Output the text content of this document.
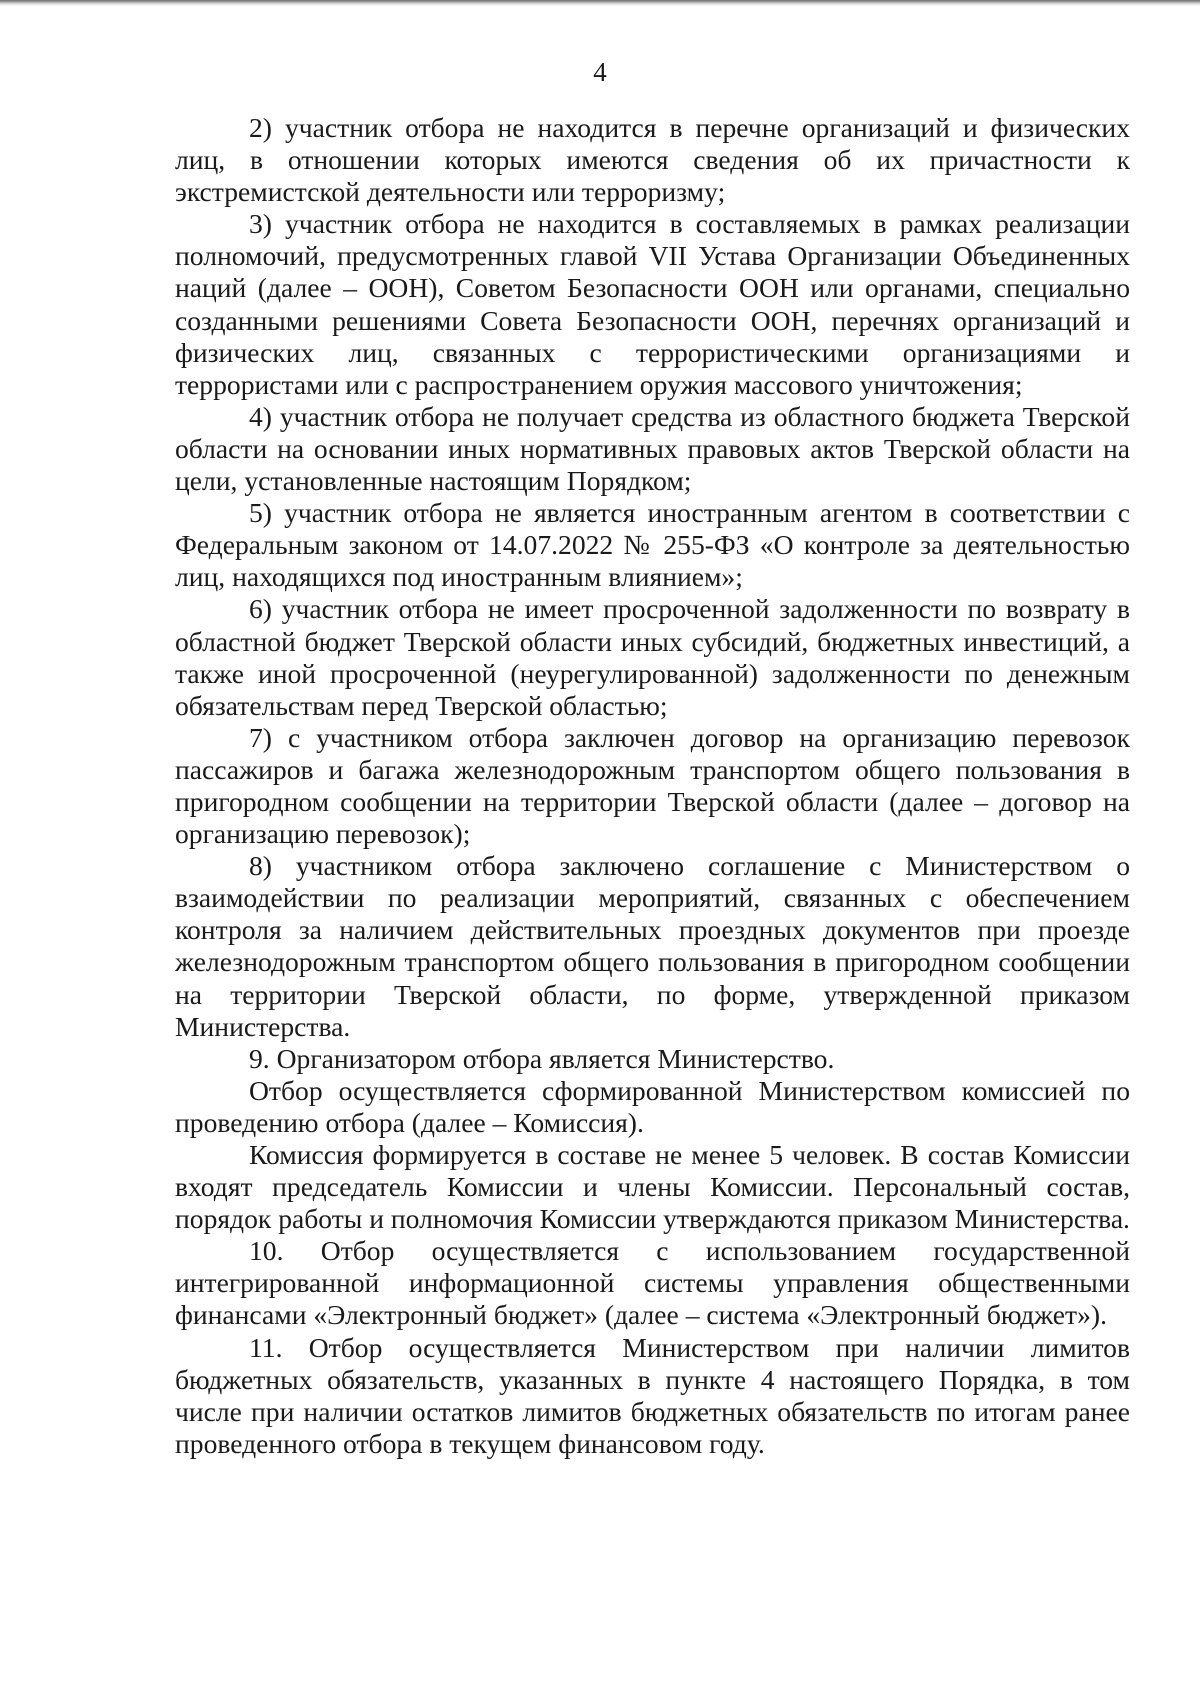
4

2) участник отбора не находится в перечне организаций и физических лиц, в отношении которых имеются сведения об их причастности к экстремистской деятельности или терроризму;

3) участник отбора не находится в составляемых в рамках реализации полномочий, предусмотренных главой VII Устава Организации Объединенных наций (далее – ООН), Советом Безопасности ООН или органами, специально созданными решениями Совета Безопасности ООН, перечнях организаций и физических лиц, связанных с террористическими организациями и террористами или с распространением оружия массового уничтожения;

4) участник отбора не получает средства из областного бюджета Тверской области на основании иных нормативных правовых актов Тверской области на цели, установленные настоящим Порядком;

5) участник отбора не является иностранным агентом в соответствии с Федеральным законом от 14.07.2022 № 255-ФЗ «О контроле за деятельностью лиц, находящихся под иностранным влиянием»;

6) участник отбора не имеет просроченной задолженности по возврату в областной бюджет Тверской области иных субсидий, бюджетных инвестиций, а также иной просроченной (неурегулированной) задолженности по денежным обязательствам перед Тверской областью;

7) с участником отбора заключен договор на организацию перевозок пассажиров и багажа железнодорожным транспортом общего пользования в пригородном сообщении на территории Тверской области (далее – договор на организацию перевозок);

8) участником отбора заключено соглашение с Министерством о взаимодействии по реализации мероприятий, связанных с обеспечением контроля за наличием действительных проездных документов при проезде железнодорожным транспортом общего пользования в пригородном сообщении на территории Тверской области, по форме, утвержденной приказом Министерства.

9. Организатором отбора является Министерство.

Отбор осуществляется сформированной Министерством комиссией по проведению отбора (далее – Комиссия).

Комиссия формируется в составе не менее 5 человек. В состав Комиссии входят председатель Комиссии и члены Комиссии. Персональный состав, порядок работы и полномочия Комиссии утверждаются приказом Министерства.

10. Отбор осуществляется с использованием государственной интегрированной информационной системы управления общественными финансами «Электронный бюджет» (далее – система «Электронный бюджет»).

11. Отбор осуществляется Министерством при наличии лимитов бюджетных обязательств, указанных в пункте 4 настоящего Порядка, в том числе при наличии остатков лимитов бюджетных обязательств по итогам ранее проведенного отбора в текущем финансовом году.
